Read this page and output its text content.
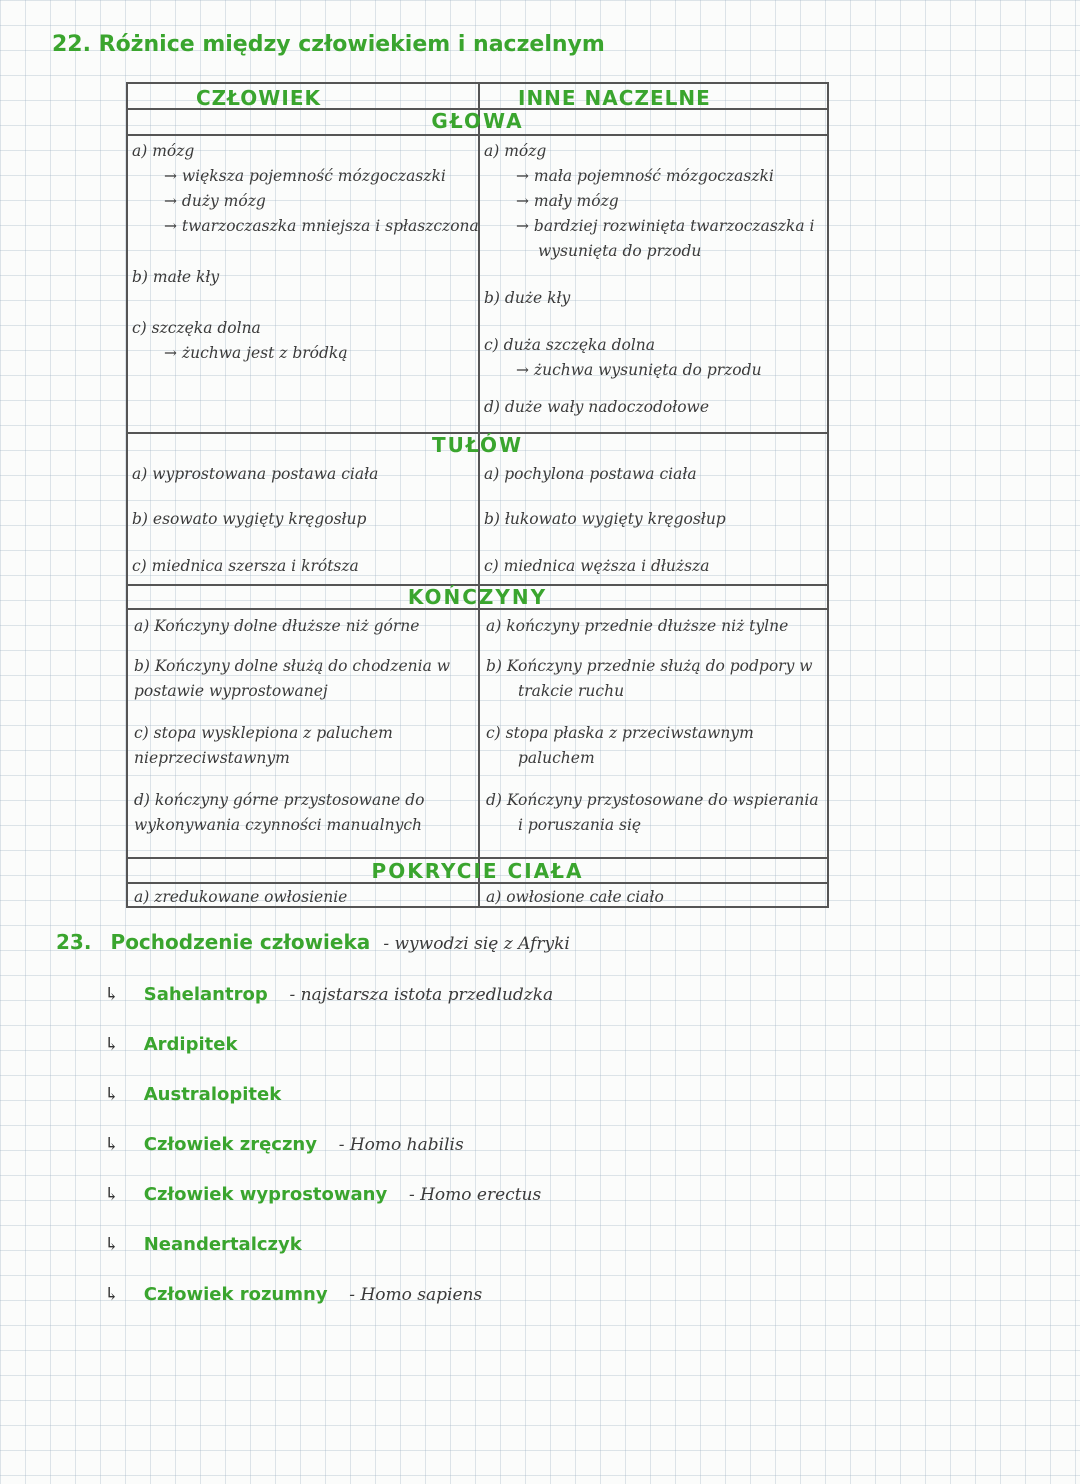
22. Różnice między człowiekiem i naczelnym
CZŁOWIEK	INNE NACZELNE
GŁOWA
a) mózg
→ większa pojemność mózgoczaszki
→ duży mózg
→ twarzoczaszka mniejsza i spłaszczona
b) małe kły
c) szczęka dolna
→ żuchwa jest z bródką
a) mózg
→ mała pojemność mózgoczaszki
→ mały mózg
→ bardziej rozwinięta twarzoczaszka i
wysunięta do przodu
b) duże kły
c) duża szczęka dolna
→ żuchwa wysunięta do przodu
d) duże wały nadoczodołowe
TUŁÓW
a) wyprostowana postawa ciała
b) esowato wygięty kręgosłup
c) miednica szersza i krótsza
a) pochylona postawa ciała
b) łukowato wygięty kręgosłup
c) miednica węższa i dłuższa
KOŃCZYNY
a) Kończyny dolne dłuższe niż górne
b) Kończyny dolne służą do chodzenia w
postawie wyprostowanej
c) stopa wysklepiona z paluchem
nieprzeciwstawnym
d) kończyny górne przystosowane do
wykonywania czynności manualnych
a) kończyny przednie dłuższe niż tylne
b) Kończyny przednie służą do podpory w
trakcie ruchu
c) stopa płaska z przeciwstawnym
paluchem
d) Kończyny przystosowane do wspierania
i poruszania się
POKRYCIE CIAŁA
a) zredukowane owłosienie	a) owłosione całe ciało
23. Pochodzenie człowieka - wywodzi się z Afryki
↳ Sahelantrop - najstarsza istota przedludzka
↳ Ardipitek
↳ Australopitek
↳ Człowiek zręczny - Homo habilis
↳ Człowiek wyprostowany - Homo erectus
↳ Neandertalczyk
↳ Człowiek rozumny - Homo sapiens
